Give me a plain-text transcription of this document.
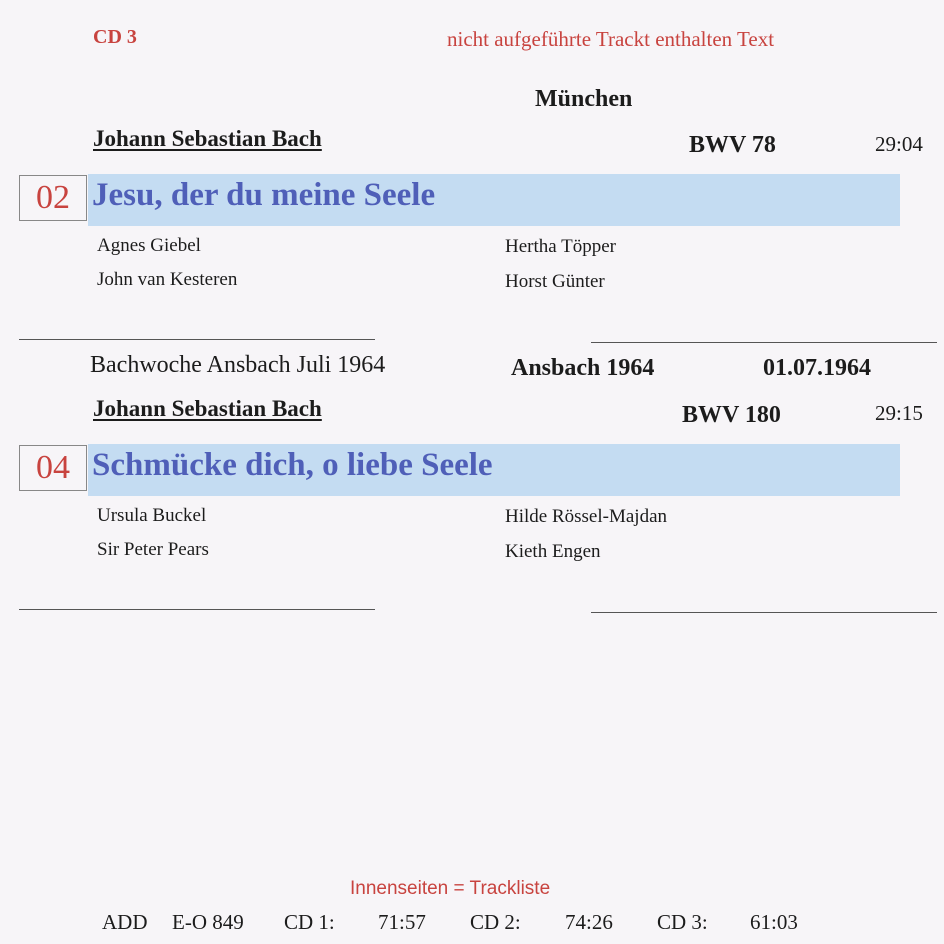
CD 3	nicht aufgeführte Trackt enthalten Text
München
Johann Sebastian Bach	BWV 78	29:04
Jesu, der du meine Seele
02
Agnes Giebel
John van Kesteren
Hertha Töpper
Horst Günter
Bachwoche Ansbach Juli 1964	Ansbach 1964	01.07.1964
Johann Sebastian Bach	BWV 180	29:15
Schmücke dich, o liebe Seele
04
Ursula Buckel
Sir Peter Pears
Hilde Rössel-Majdan
Kieth Engen
Innenseiten = Trackliste
ADD E-O 849 CD 1: 71:57 CD 2: 74:26 CD 3: 61:03
